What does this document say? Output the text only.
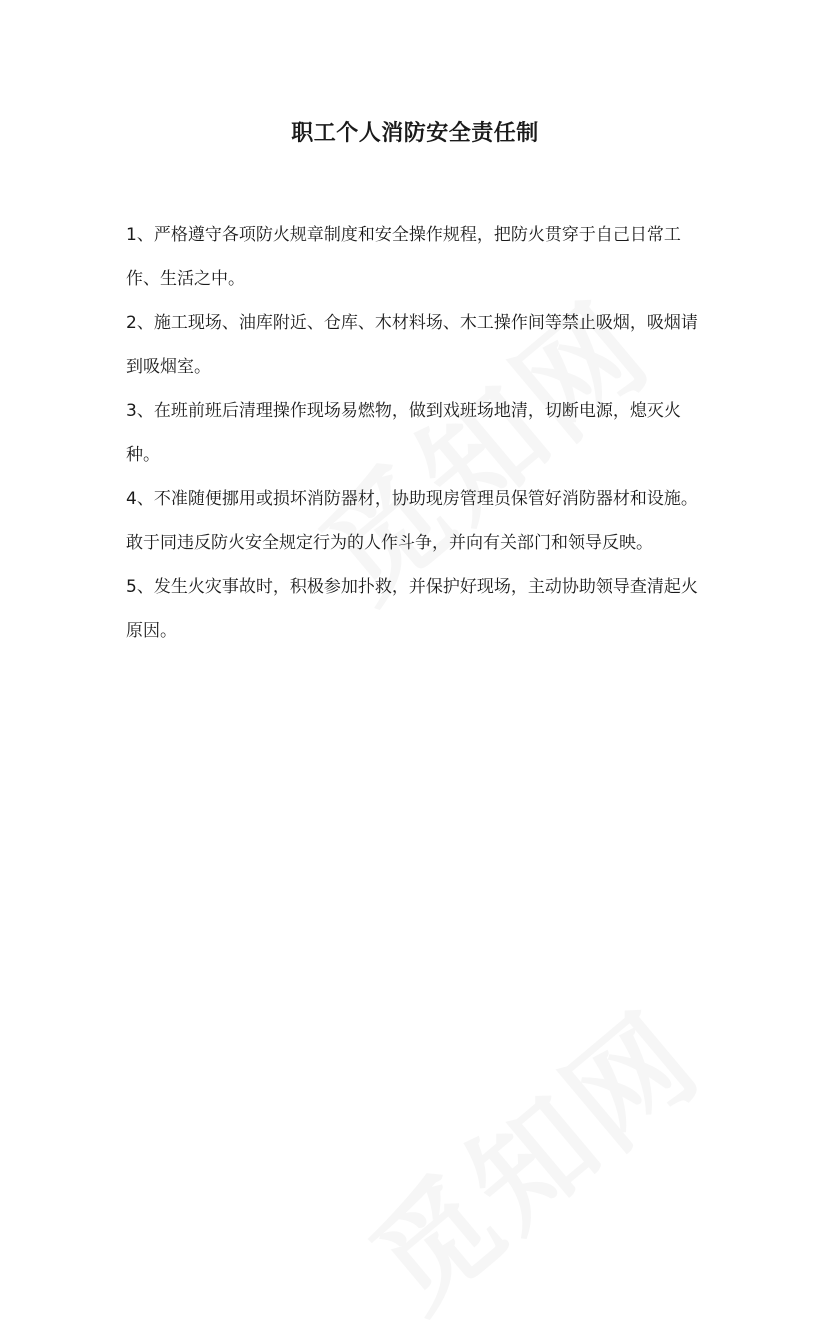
职工个人消防安全责任制

1、严格遵守各项防火规章制度和安全操作规程，把防火贯穿于自己日常工作、生活之中。

2、施工现场、油库附近、仓库、木材料场、木工操作间等禁止吸烟，吸烟请到吸烟室。

3、在班前班后清理操作现场易燃物，做到戏班场地清，切断电源，熄灭火种。

4、不准随便挪用或损坏消防器材，协助现房管理员保管好消防器材和设施。敢于同违反防火安全规定行为的人作斗争，并向有关部门和领导反映。

5、发生火灾事故时，积极参加扑救，并保护好现场，主动协助领导查清起火原因。
